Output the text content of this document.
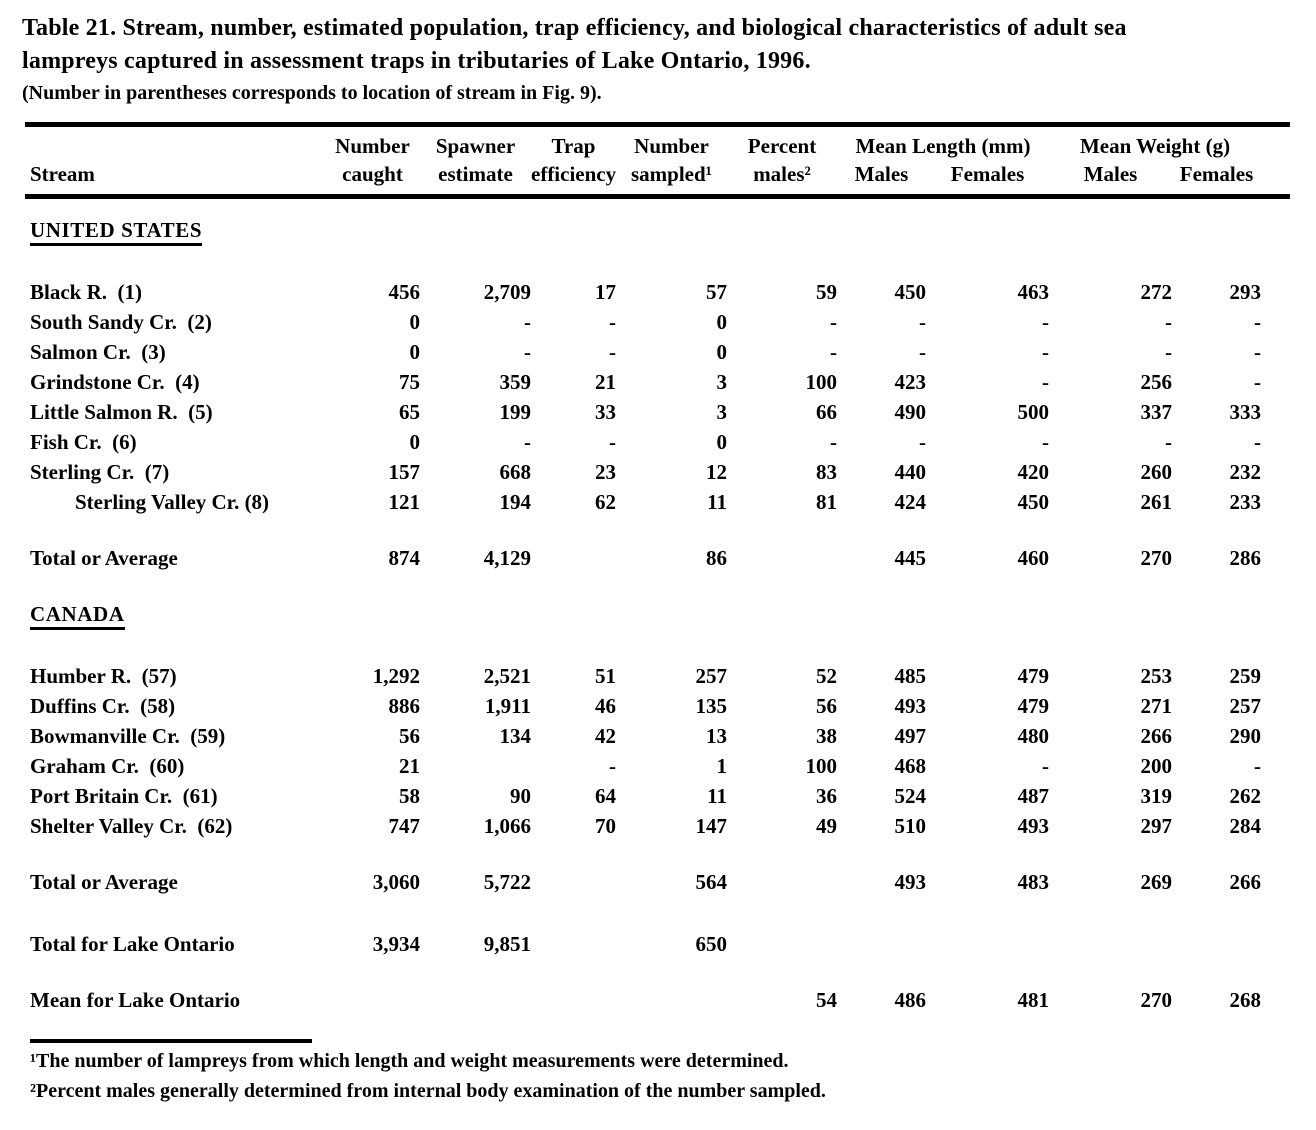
Table 21. Stream, number, estimated population, trap efficiency, and biological characteristics of adult sea
lampreys captured in assessment traps in tributaries of Lake Ontario, 1996.
(Number in parentheses corresponds to location of stream in Fig. 9).
	Number	Spawner	Trap	Number	Percent	Mean Length (mm)		Mean Weight (g)	
Stream	caught	estimate	efficiency	sampled¹	males²	Males	Females	Males	Females

UNITED STATES									

Black R.  (1)	456	2,709	17	57	59	450	463	272	293
South Sandy Cr.  (2)	0	-	-	0	-	-	-	-	-
Salmon Cr.  (3)	0	-	-	0	-	-	-	-	-
Grindstone Cr.  (4)	75	359	21	3	100	423	-	256	-
Little Salmon R.  (5)	65	199	33	3	66	490	500	337	333
Fish Cr.  (6)	0	-	-	0	-	-	-	-	-
Sterling Cr.  (7)	157	668	23	12	83	440	420	260	232
Sterling Valley Cr. (8)	121	194	62	11	81	424	450	261	233

Total or Average	874	4,129		86		445	460	270	286

CANADA									

Humber R.  (57)	1,292	2,521	51	257	52	485	479	253	259
Duffins Cr.  (58)	886	1,911	46	135	56	493	479	271	257
Bowmanville Cr.  (59)	56	134	42	13	38	497	480	266	290
Graham Cr.  (60)	21		-	1	100	468	-	200	-
Port Britain Cr.  (61)	58	90	64	11	36	524	487	319	262
Shelter Valley Cr.  (62)	747	1,066	70	147	49	510	493	297	284

Total or Average	3,060	5,722		564		493	483	269	266

Total for Lake Ontario	3,934	9,851		650					

Mean for Lake Ontario					54	486	481	270	268
¹The number of lampreys from which length and weight measurements were determined.
²Percent males generally determined from internal body examination of the number sampled.
